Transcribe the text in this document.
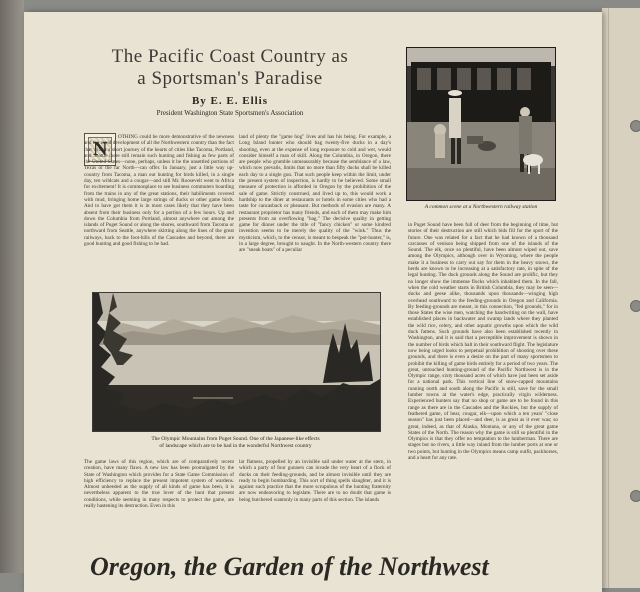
The Pacific Coast Country as
a Sportsman's Paradise

By E. E. Ellis

President Washington State Sportsmen's Association

N

OTHING could be more demonstrative of the newness and the rapid development of all the Northwestern country than the fact that within a short journey of the hearts of cities like Tacoma, Portland, and Seattle there still remain such hunting and fishing as few parts of the United States—none, perhaps, unless it be the unsettled portions of Texas or the far North—can offer. In January, just a little way up-country from Tacoma, a man out hunting for birds killed, in a single day, ten wildcats and a cougar—and still Mr. Roosevelt went to Africa for excitement! It is commonplace to see business commuters boarding from the trains in any of the great stations, their habiliments covered with mud, bringing home large strings of ducks or other game birds. And to have got them it is in most cases likely that they have been absent from their business only for a portion of a few hours. Up and down the Columbia from Portland, almost anywhere out among the islands of Puget Sound or along the shores, southward from Tacoma or northward from Seattle, anywhere skirting along the lines of the great railways, back to the foot-hills of the Cascades and beyond, there are good hunting and good fishing to be had.

land of plenty the "game hog" lives and has his being. For example, a Long Island hunter who should bag twenty-five ducks in a day's shooting, even at the expense of long exposure to cold and wet, would consider himself a man of skill. Along the Columbia, in Oregon, there are people who grumble unmeasurably because the semblance of a law, which now prevails, limits that no more than fifty ducks shall be killed each day to a single gun. That such people keep within the limit, under the present system of inspection, is hardly to be believed. Some small measure of protection is afforded in Oregon by the prohibition of the sale of game. Strictly construed, and lived up to, this would work a hardship to the diner at restaurants or hotels in some cities who had a taste for cancasback or pheasant. But methods of evasion are many. A restaurant proprietor has many friends, and each of them may make him presents from an overflowing "bag." The decisive quality in getting game for dinner under the title of "fancy chicken" or some kindred invention seems to be merely the quality of the "wink." Thus the mysticism, which, to the censor, is meant to bespeak the "pot-hunter," is, in a large degree, brought to naught. In the North-western country there are "sneak boats" of a peculiar

A common scene at a Northwestern railway station

in Puget Sound have been full of deer from the beginning of time, but stories of their destruction are still which bids fill for the sport of the future. One was related for a fact that he had known of a thousand carcasses of venison being shipped from one of the islands of the Sound. The elk, once so plentiful, have been almost wiped out, save among the Olympics, although over in Wyoming, where the people make it a business to carry out say for them in the heavy snows, the herds are known to be increasing at a satisfactory rate, in spite of the legal hunting. The duck grounds along the Sound are prolific, but they no longer show the immense flocks which inhabited them. In the fall, when the cold weather starts in British Columbia, they may be seen—ducks and geese alike, thousands upon thousands—winging high overhead southward to the feeding-grounds in Oregon and California. By feeding-grounds are meant, in this connection, "fed grounds," for in those States the wise men, watching the handwriting on the wall, have established places in backwater and swamp lands where they planted the wild rice, celery, and other aquatic growths upon which the wild duck fattens. Such grounds have also been established recently in Washington, and it is said that a perceptible improvement is shown in the number of birds which halt in their southward flight. The legislature now being urged looks to perpetual prohibition of shooting over these grounds, and there is even a desire on the part of many sportsmen to prohibit the killing of game birds entirely for a period of two years. The great, untouched hunting-ground of the Pacific Northwest is in the Olympic range, sixty thousand acres of which have just been set aside for a national park. This vertical line of snow-capped mountains running north and south along the Pacific is still, save for the small lumber towns at the water's edge, practically virgin wilderness. Experienced hunters say that no shop or game are to be found in this range as there are in the Cascades and the Rockies, but the supply of feathered game, of bear, cougar, elk—upon which a ten years' "close season" has just been placed—and deer, is as great as it ever was; so great, indeed, as that of Alaska, Montana, or any of the great game States of the North. The reason why the game is still so plentiful in the Olympics is that they offer no temptation to the lumberman. There are stages but no rivers, a little way inland from the lumber ports at one or two points, but hunting in the Olympics means camp outfit, packhorses, and a heart for any rate.

The Olympic Mountains from Puget Sound. One of the Japanese-like effects
of landscape which are to be had in the wonderful Northwest country

The game laws of this region, which are of comparatively recent creation, have many flaws. A new law has been promulgated by the State of Washington which provides for a State Game Commission of high efficiency to replace the present impotent system of wardens. Almost unheeded as the supply of all kinds of game has been, it is nevertheless apparent to the true lover of the hunt that present conditions, while seeming in many respects to protect the game, are really hastening its destruction. Even in this

lar flatness, propelled by an invisible sail under water at the stern, in which a party of four gunners can invade the very heart of a flock of ducks on their feeding-grounds, and be almost invisible until they are ready to begin bombarding. This sort of thing spells slaughter, and it is against such practice that the more scrupulous of the hunting fraternity are now endeavoring to legislate. There are to no doubt that game is being butchered wantonly in many parts of this section. The islands

Oregon, the Garden of the Northwest
